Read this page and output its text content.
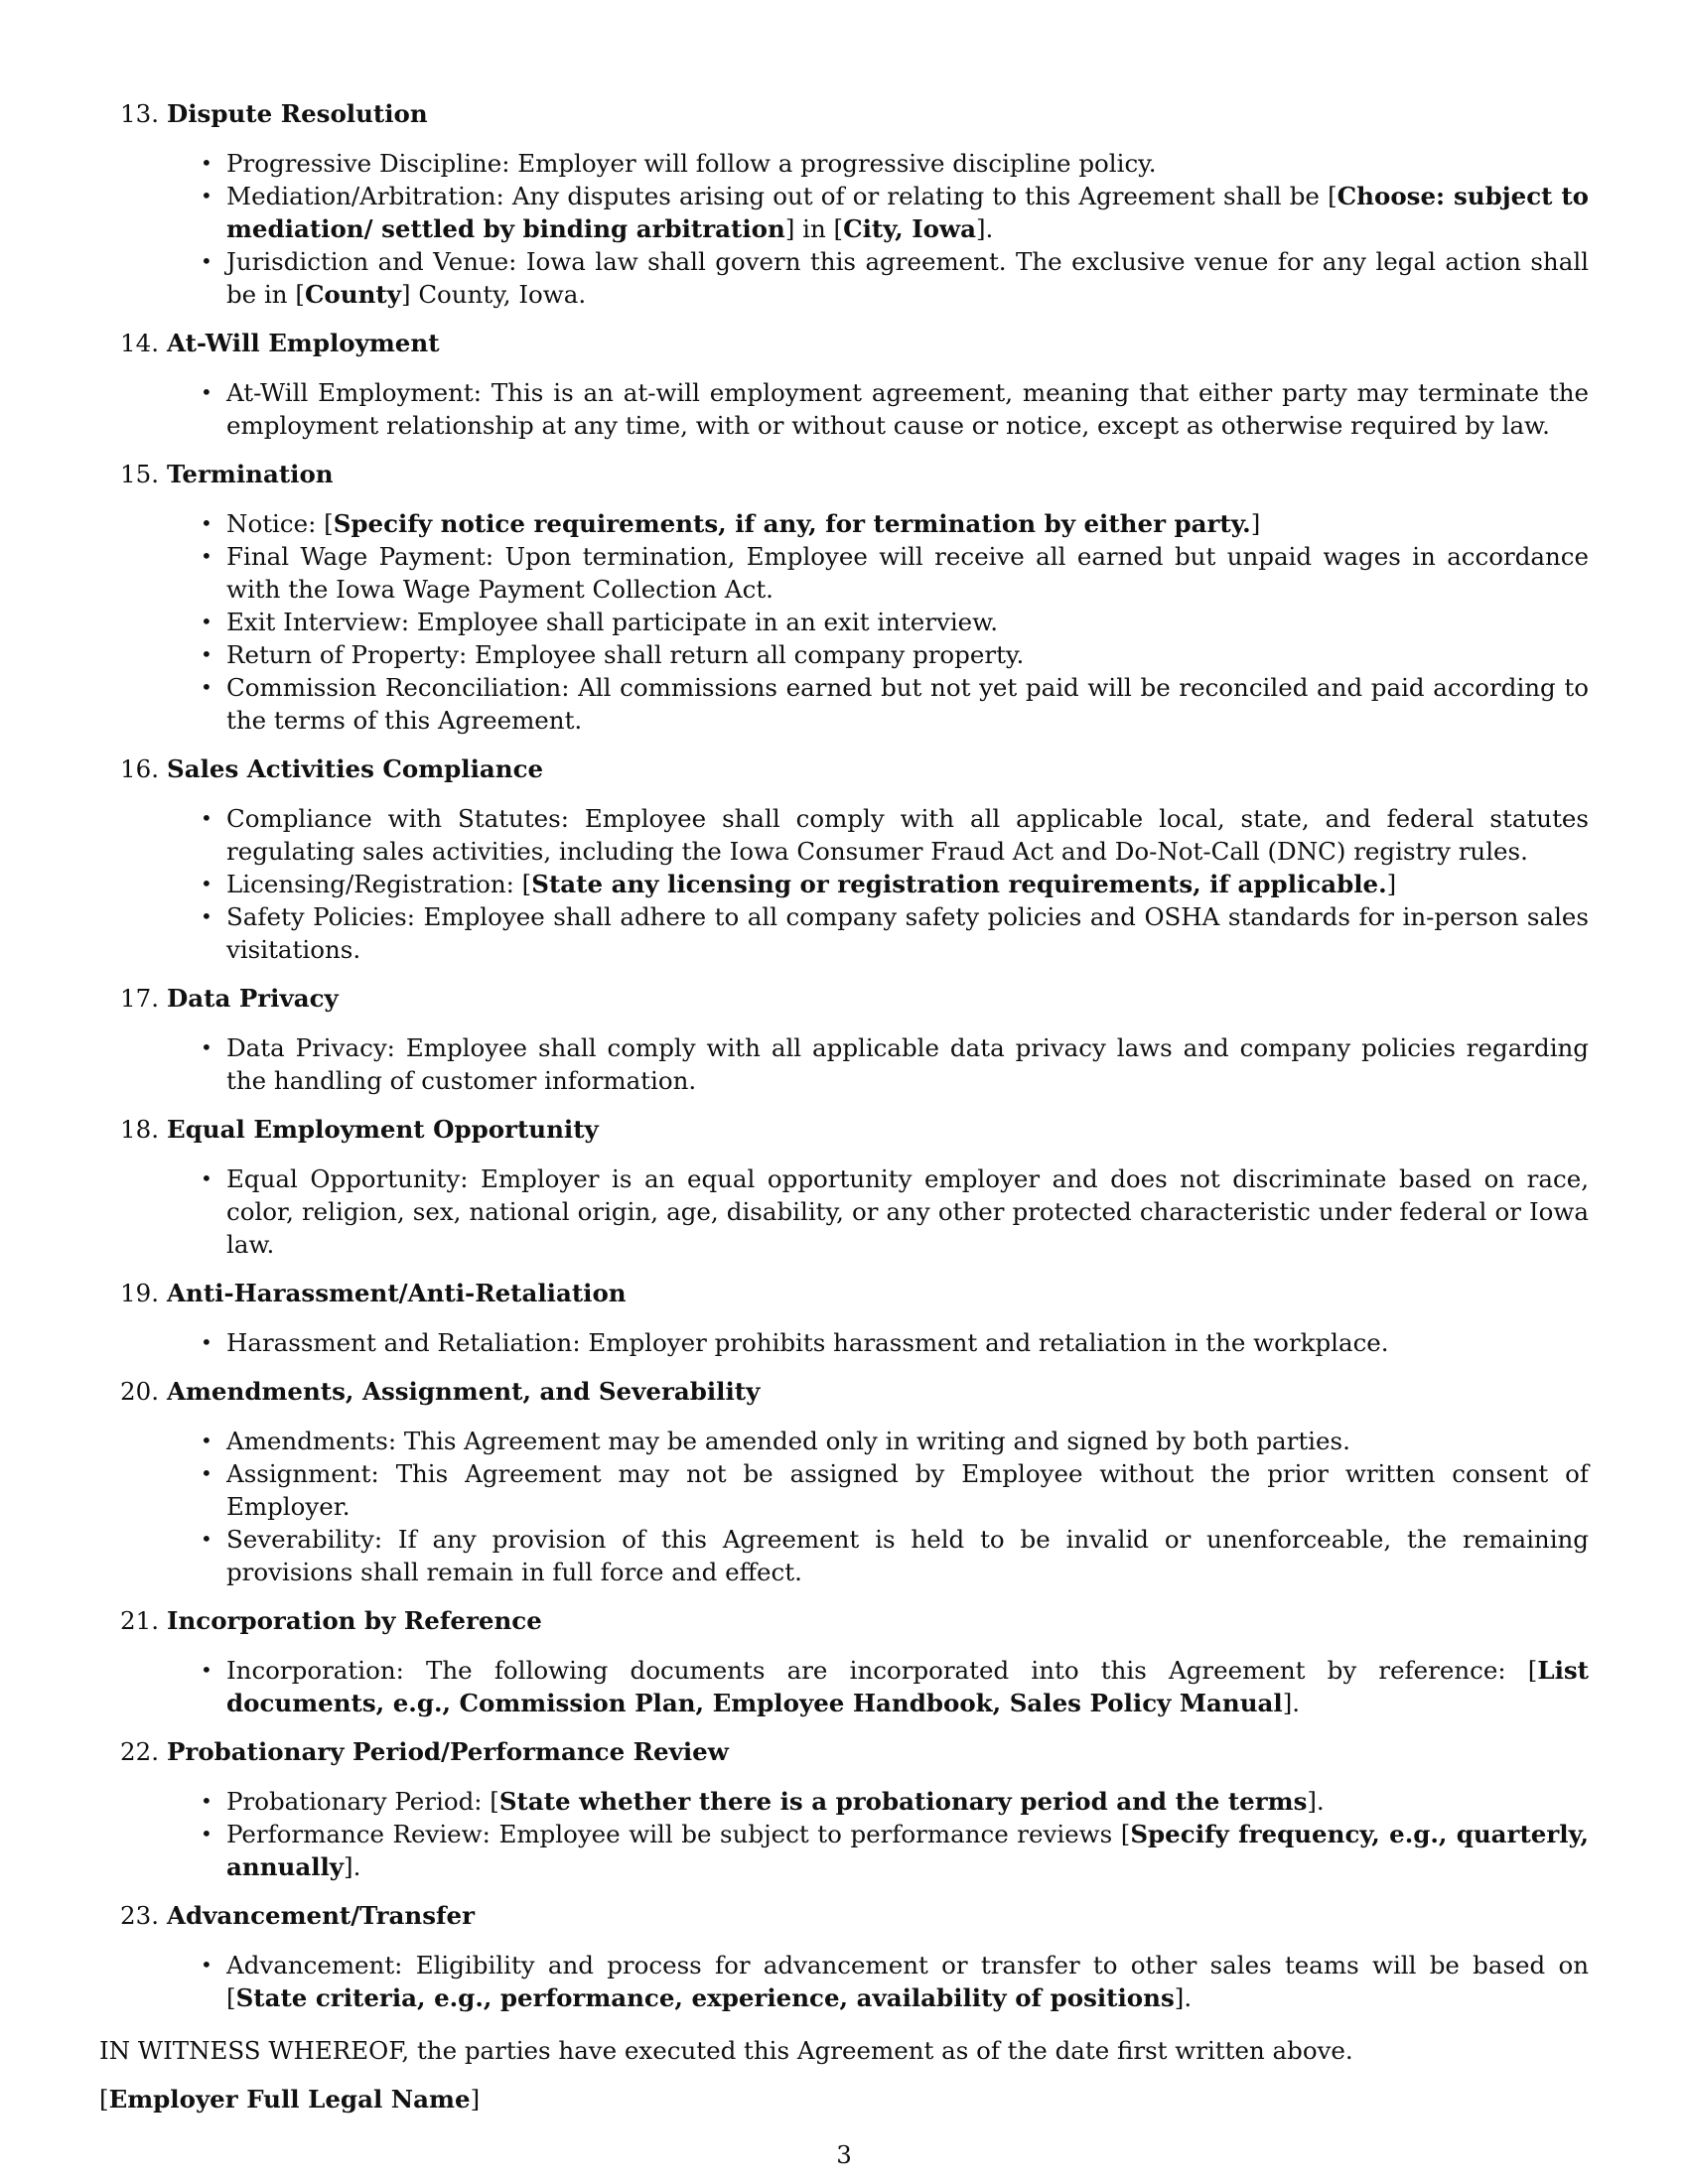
13. Dispute Resolution
• Progressive Discipline: Employer will follow a progressive discipline policy.
• Mediation/Arbitration: Any disputes arising out of or relating to this Agreement shall be [Choose: subject to mediation/ settled by binding arbitration] in [City, Iowa].
• Jurisdiction and Venue: Iowa law shall govern this agreement. The exclusive venue for any legal action shall be in [County] County, Iowa.
14. At-Will Employment
• At-Will Employment: This is an at-will employment agreement, meaning that either party may terminate the employment relationship at any time, with or without cause or notice, except as otherwise required by law.
15. Termination
• Notice: [Specify notice requirements, if any, for termination by either party.]
• Final Wage Payment: Upon termination, Employee will receive all earned but unpaid wages in accordance with the Iowa Wage Payment Collection Act.
• Exit Interview: Employee shall participate in an exit interview.
• Return of Property: Employee shall return all company property.
• Commission Reconciliation: All commissions earned but not yet paid will be reconciled and paid according to the terms of this Agreement.
16. Sales Activities Compliance
• Compliance with Statutes: Employee shall comply with all applicable local, state, and federal statutes regulating sales activities, including the Iowa Consumer Fraud Act and Do-Not-Call (DNC) registry rules.
• Licensing/Registration: [State any licensing or registration requirements, if applicable.]
• Safety Policies: Employee shall adhere to all company safety policies and OSHA standards for in-person sales visitations.
17. Data Privacy
• Data Privacy: Employee shall comply with all applicable data privacy laws and company policies regarding the handling of customer information.
18. Equal Employment Opportunity
• Equal Opportunity: Employer is an equal opportunity employer and does not discriminate based on race, color, religion, sex, national origin, age, disability, or any other protected characteristic under federal or Iowa law.
19. Anti-Harassment/Anti-Retaliation
• Harassment and Retaliation: Employer prohibits harassment and retaliation in the workplace.
20. Amendments, Assignment, and Severability
• Amendments: This Agreement may be amended only in writing and signed by both parties.
• Assignment: This Agreement may not be assigned by Employee without the prior written consent of Employer.
• Severability: If any provision of this Agreement is held to be invalid or unenforceable, the remaining provisions shall remain in full force and effect.
21. Incorporation by Reference
• Incorporation: The following documents are incorporated into this Agreement by reference: [List documents, e.g., Commission Plan, Employee Handbook, Sales Policy Manual].
22. Probationary Period/Performance Review
• Probationary Period: [State whether there is a probationary period and the terms].
• Performance Review: Employee will be subject to performance reviews [Specify frequency, e.g., quarterly, annually].
23. Advancement/Transfer
• Advancement: Eligibility and process for advancement or transfer to other sales teams will be based on [State criteria, e.g., performance, experience, availability of positions].
IN WITNESS WHEREOF, the parties have executed this Agreement as of the date first written above.
[Employer Full Legal Name]
3
